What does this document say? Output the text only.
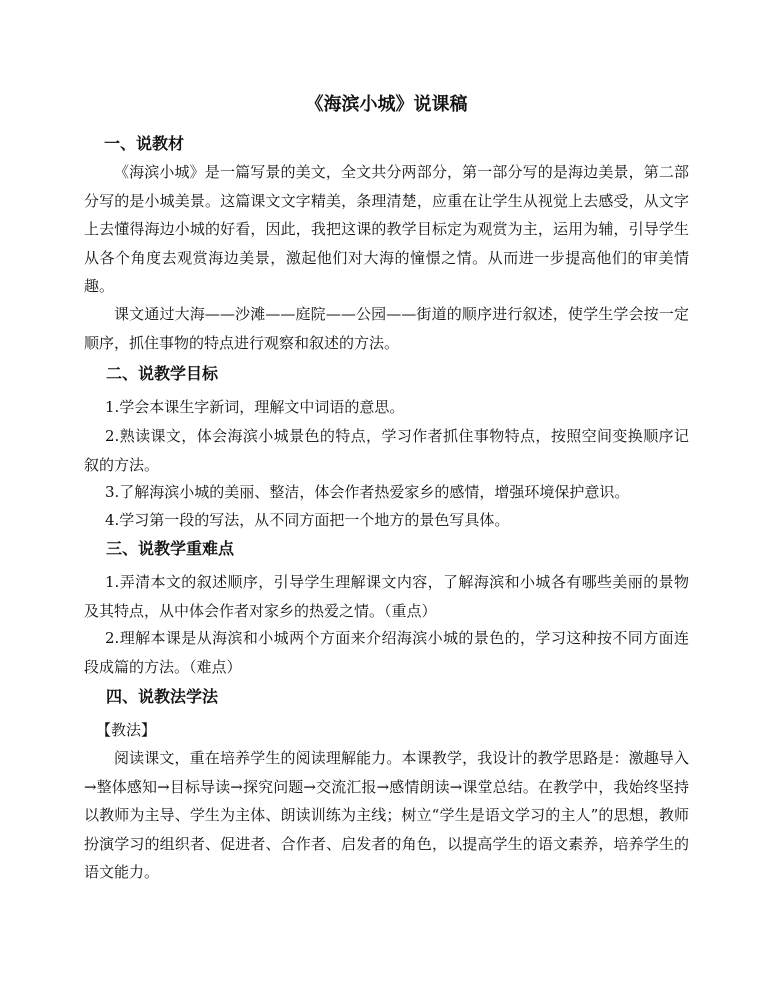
《海滨小城》说课稿
一、说教材

《海滨小城》是一篇写景的美文，全文共分两部分，第一部分写的是海边美景，第二部分写的是小城美景。这篇课文文字精美，条理清楚，应重在让学生从视觉上去感受，从文字上去懂得海边小城的好看，因此，我把这课的教学目标定为观赏为主，运用为辅，引导学生从各个角度去观赏海边美景，激起他们对大海的憧憬之情。从而进一步提高他们的审美情趣。

课文通过大海——沙滩——庭院——公园——街道的顺序进行叙述，使学生学会按一定顺序，抓住事物的特点进行观察和叙述的方法。

二、说教学目标

1.学会本课生字新词，理解文中词语的意思。

2.熟读课文，体会海滨小城景色的特点，学习作者抓住事物特点，按照空间变换顺序记叙的方法。

3.了解海滨小城的美丽、整洁，体会作者热爱家乡的感情，增强环境保护意识。

4.学习第一段的写法，从不同方面把一个地方的景色写具体。

三、说教学重难点

1.弄清本文的叙述顺序，引导学生理解课文内容，了解海滨和小城各有哪些美丽的景物及其特点，从中体会作者对家乡的热爱之情。（重点）

2.理解本课是从海滨和小城两个方面来介绍海滨小城的景色的，学习这种按不同方面连段成篇的方法。（难点）

四、说教法学法
【教法】

阅读课文，重在培养学生的阅读理解能力。本课教学，我设计的教学思路是：激趣导入→整体感知→目标导读→探究问题→交流汇报→感情朗读→课堂总结。在教学中，我始终坚持以教师为主导、学生为主体、朗读训练为主线；树立“学生是语文学习的主人”的思想，教师扮演学习的组织者、促进者、合作者、启发者的角色，以提高学生的语文素养，培养学生的语文能力。
